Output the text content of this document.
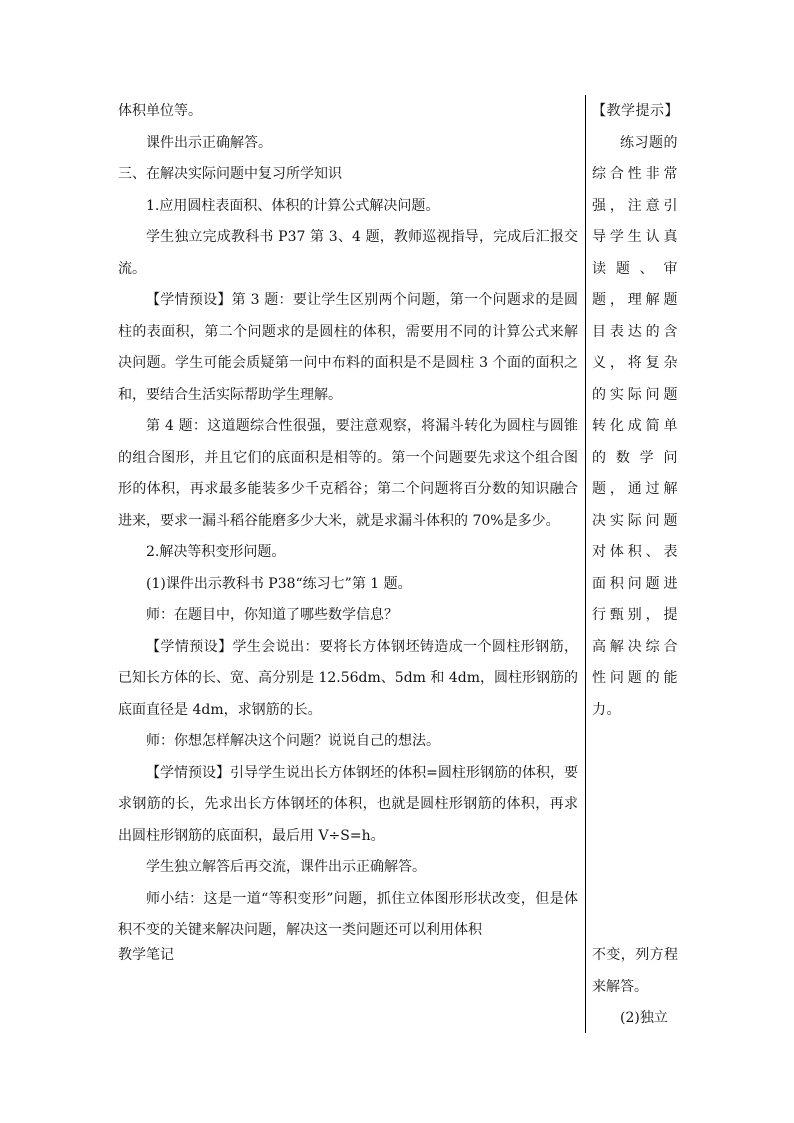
体积单位等。

课件出示正确解答。

三、在解决实际问题中复习所学知识

1.应用圆柱表面积、体积的计算公式解决问题。

学生独立完成教科书 P37 第 3、4 题，教师巡视指导，完成后汇报交流。

【学情预设】第 3 题：要让学生区别两个问题，第一个问题求的是圆柱的表面积，第二个问题求的是圆柱的体积，需要用不同的计算公式来解决问题。学生可能会质疑第一问中布料的面积是不是圆柱 3 个面的面积之和，要结合生活实际帮助学生理解。

第 4 题：这道题综合性很强，要注意观察，将漏斗转化为圆柱与圆锥的组合图形，并且它们的底面积是相等的。第一个问题要先求这个组合图形的体积，再求最多能装多少千克稻谷；第二个问题将百分数的知识融合进来，要求一漏斗稻谷能磨多少大米，就是求漏斗体积的 70%是多少。

2.解决等积变形问题。

(1)课件出示教科书 P38“练习七”第 1 题。

师：在题目中，你知道了哪些数学信息？

【学情预设】学生会说出：要将长方体钢坯铸造成一个圆柱形钢筋，已知长方体的长、宽、高分别是 12.56dm、5dm 和 4dm，圆柱形钢筋的底面直径是 4dm，求钢筋的长。

师：你想怎样解决这个问题？说说自己的想法。

【学情预设】引导学生说出长方体钢坯的体积=圆柱形钢筋的体积，要求钢筋的长，先求出长方体钢坯的体积，也就是圆柱形钢筋的体积，再求出圆柱形钢筋的底面积，最后用 V÷S=h。

学生独立解答后再交流，课件出示正确解答。

师小结：这是一道“等积变形”问题，抓住立体图形形状改变，但是体积不变的关键来解决问题，解决这一类问题还可以利用体积

【教学提示】

练习题的综合性非常强，注意引导学生认真读题、审题，理解题目表达的含义，将复杂的实际问题转化成简单的数学问题，通过解决实际问题对体积、表面积问题进行甄别，提高解决综合性问题的能力。

教学笔记	不变，列方程来解答。

(2)独立
